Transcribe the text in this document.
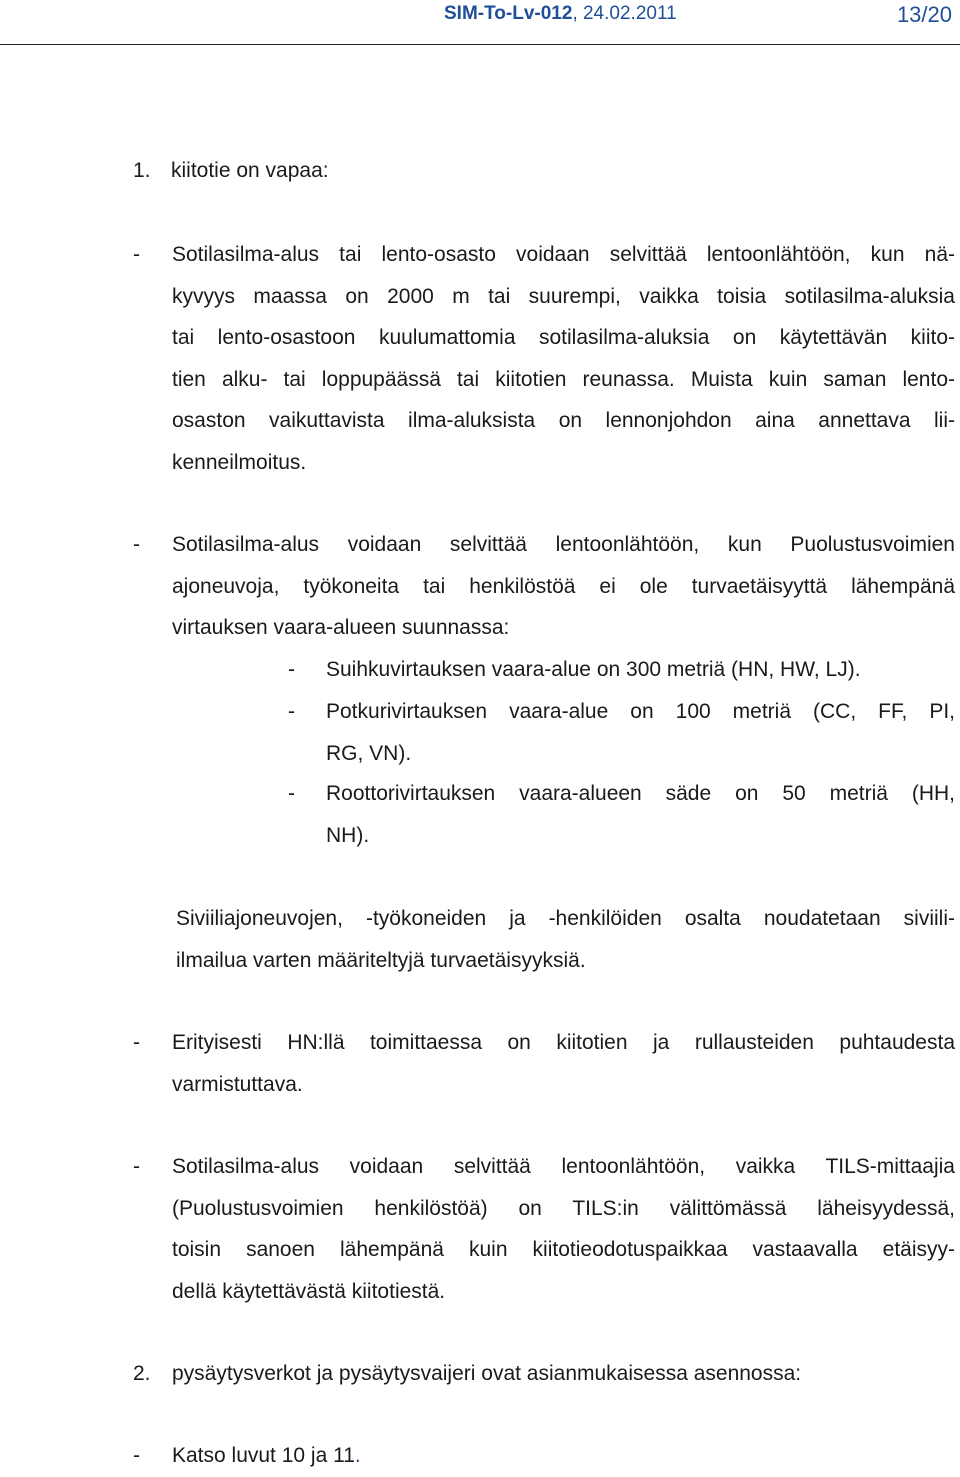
SIM-To-Lv-012, 24.02.2011	13/20
1. kiitotie on vapaa:
- Sotilasilma-alus tai lento-osasto voidaan selvittää lentoonlähtöön, kun nä-
kyvyys maassa on 2000 m tai suurempi, vaikka toisia sotilasilma-aluksia
tai lento-osastoon kuulumattomia sotilasilma-aluksia on käytettävän kiito-
tien alku- tai loppupäässä tai kiitotien reunassa. Muista kuin saman lento-
osaston vaikuttavista ilma-aluksista on lennonjohdon aina annettava lii-
kenneilmoitus.
- Sotilasilma-alus voidaan selvittää lentoonlähtöön, kun Puolustusvoimien
ajoneuvoja, työkoneita tai henkilöstöä ei ole turvaetäisyyttä lähempänä
virtauksen vaara-alueen suunnassa:
- Suihkuvirtauksen vaara-alue on 300 metriä (HN, HW, LJ).
- Potkurivirtauksen vaara-alue on 100 metriä (CC, FF, PI,
RG, VN).
- Roottorivirtauksen vaara-alueen säde on 50 metriä (HH,
NH).
Siviiliajoneuvojen, -työkoneiden ja -henkilöiden osalta noudatetaan siviili-
ilmailua varten määriteltyjä turvaetäisyyksiä.
- Erityisesti HN:llä toimittaessa on kiitotien ja rullausteiden puhtaudesta
varmistuttava.
- Sotilasilma-alus voidaan selvittää lentoonlähtöön, vaikka TILS-mittaajia
(Puolustusvoimien henkilöstöä) on TILS:in välittömässä läheisyydessä,
toisin sanoen lähempänä kuin kiitotieodotuspaikkaa vastaavalla etäisyy-
dellä käytettävästä kiitotiestä.
2. pysäytysverkot ja pysäytysvaijeri ovat asianmukaisessa asennossa:
- Katso luvut 10 ja 11.
